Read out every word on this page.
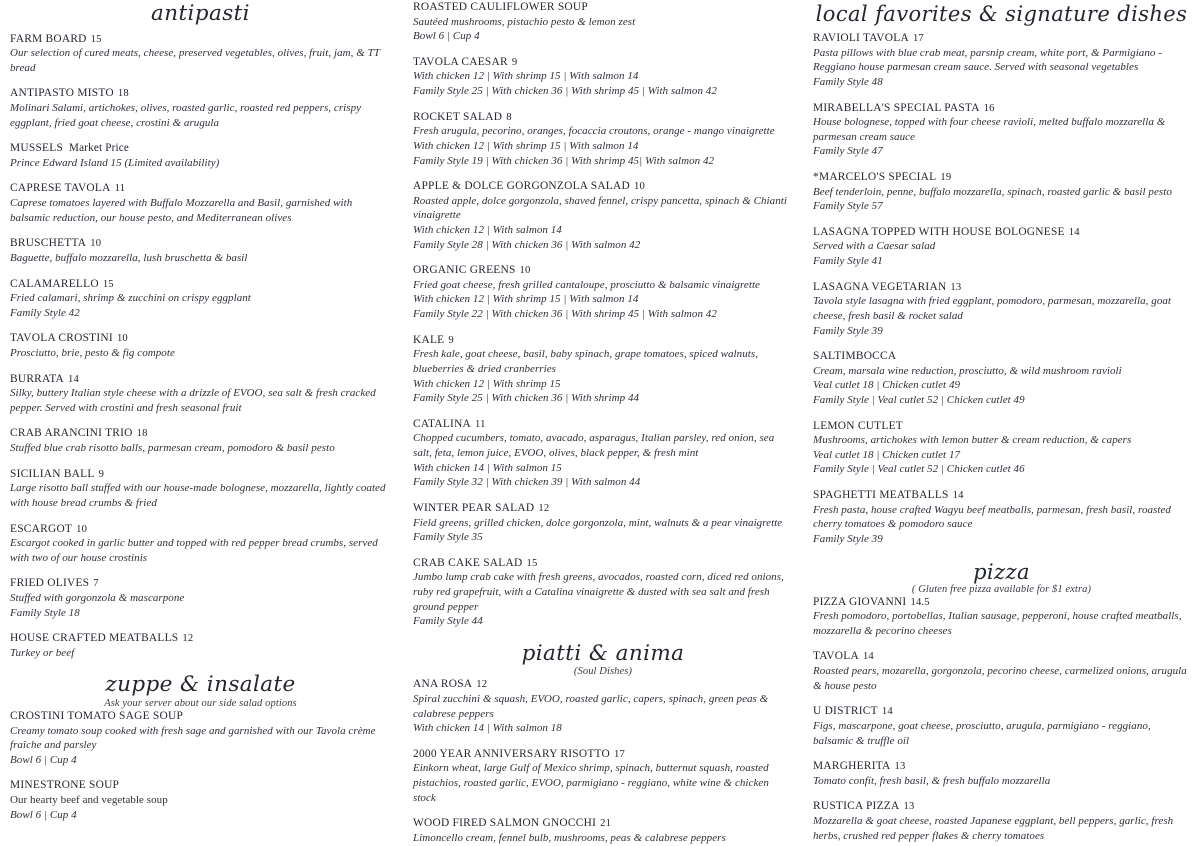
antipasti
FARM BOARD 15
Our selection of cured meats, cheese, preserved vegetables, olives, fruit, jam, & TT bread
ANTIPASTO MISTO 18
Molinari Salami, artichokes, olives, roasted garlic, roasted red peppers, crispy eggplant, fried goat cheese, crostini & arugula
MUSSELS Market Price
Prince Edward Island 15 (Limited availability)
CAPRESE TAVOLA 11
Caprese tomatoes layered with Buffalo Mozzarella and Basil, garnished with balsamic reduction, our house pesto, and Mediterranean olives
BRUSCHETTA 10
Baguette, buffalo mozzarella, lush bruschetta & basil
CALAMARELLO 15
Fried calamari, shrimp & zucchini on crispy eggplant
Family Style 42
TAVOLA CROSTINI 10
Prosciutto, brie, pesto & fig compote
BURRATA 14
Silky, buttery Italian style cheese with a drizzle of EVOO, sea salt & fresh cracked pepper. Served with crostini and fresh seasonal fruit
CRAB ARANCINI TRIO 18
Stuffed blue crab risotto balls, parmesan cream, pomodoro & basil pesto
SICILIAN BALL 9
Large risotto ball stuffed with our house-made bolognese, mozzarella, lightly coated with house bread crumbs & fried
ESCARGOT 10
Escargot cooked in garlic butter and topped with red pepper bread crumbs, served with two of our house crostinis
FRIED OLIVES 7
Stuffed with gorgonzola & mascarpone
Family Style 18
HOUSE CRAFTED MEATBALLS 12
Turkey or beef
zuppe & insalate
Ask your server about our side salad options
CROSTINI TOMATO SAGE SOUP
Creamy tomato soup cooked with fresh sage and garnished with our Tavola crème fraîche and parsley
Bowl 6 | Cup 4
MINESTRONE SOUP
Our hearty beef and vegetable soup
Bowl 6 | Cup 4
ROASTED CAULIFLOWER SOUP
Sautéed mushrooms, pistachio pesto & lemon zest
Bowl 6 | Cup 4
TAVOLA CAESAR 9
With chicken 12 | With shrimp 15 | With salmon 14
Family Style 25 | With chicken 36 | With shrimp 45 | With salmon 42
ROCKET SALAD 8
Fresh arugula, pecorino, oranges, focaccia croutons, orange - mango vinaigrette
With chicken 12 | With shrimp 15 | With salmon 14
Family Style 19 | With chicken 36 | With shrimp 45| With salmon 42
APPLE & DOLCE GORGONZOLA SALAD 10
Roasted apple, dolce gorgonzola, shaved fennel, crispy pancetta, spinach & Chianti vinaigrette
With chicken 12 | With salmon 14
Family Style 28 | With chicken 36 | With salmon 42
ORGANIC GREENS 10
Fried goat cheese, fresh grilled cantaloupe, prosciutto & balsamic vinaigrette
With chicken 12 | With shrimp 15 | With salmon 14
Family Style 22 | With chicken 36 | With shrimp 45 | With salmon 42
KALE 9
Fresh kale, goat cheese, basil, baby spinach, grape tomatoes, spiced walnuts, blueberries & dried cranberries
With chicken 12 | With shrimp 15
Family Style 25 | With chicken 36 | With shrimp 44
CATALINA 11
Chopped cucumbers, tomato, avacado, asparagus, Italian parsley, red onion, sea salt, feta, lemon juice, EVOO, olives, black pepper, & fresh mint
With chicken 14 | With salmon 15
Family Style 32 | With chicken 39 | With salmon 44
WINTER PEAR SALAD 12
Field greens, grilled chicken, dolce gorgonzola, mint, walnuts & a pear vinaigrette
Family Style 35
CRAB CAKE SALAD 15
Jumbo lump crab cake with fresh greens, avocados, roasted corn, diced red onions, ruby red grapefruit, with a Catalina vinaigrette & dusted with sea salt and fresh ground pepper
Family Style 44
piatti & anima
(Soul Dishes)
ANA ROSA 12
Spiral zucchini & squash, EVOO, roasted garlic, capers, spinach, green peas & calabrese peppers
With chicken 14 | With salmon 18
2000 YEAR ANNIVERSARY RISOTTO 17
Einkorn wheat, large Gulf of Mexico shrimp, spinach, butternut squash, roasted pistachios, roasted garlic, EVOO, parmigiano - reggiano, white wine & chicken stock
WOOD FIRED SALMON GNOCCHI 21
Limoncello cream, fennel bulb, mushrooms, peas & calabrese peppers
local favorites & signature dishes
RAVIOLI TAVOLA 17
Pasta pillows with blue crab meat, parsnip cream, white port, & Parmigiano -Reggiano house parmesan cream sauce. Served with seasonal vegetables
Family Style 48
MIRABELLA'S SPECIAL PASTA 16
House bolognese, topped with four cheese ravioli, melted buffalo mozzarella & parmesan cream sauce
Family Style 47
*MARCELO'S SPECIAL 19
Beef tenderloin, penne, buffalo mozzarella, spinach, roasted garlic & basil pesto
Family Style 57
LASAGNA TOPPED WITH HOUSE BOLOGNESE 14
Served with a Caesar salad
Family Style 41
LASAGNA VEGETARIAN 13
Tavola style lasagna with fried eggplant, pomodoro, parmesan, mozzarella, goat cheese, fresh basil & rocket salad
Family Style 39
SALTIMBOCCA
Cream, marsala wine reduction, prosciutto, & wild mushroom ravioli
Veal cutlet 18 | Chicken cutlet 49
Family Style | Veal cutlet 52 | Chicken cutlet 49
LEMON CUTLET
Mushrooms, artichokes with lemon butter & cream reduction, & capers
Veal cutlet 18 | Chicken cutlet 17
Family Style | Veal cutlet 52 | Chicken cutlet 46
SPAGHETTI MEATBALLS 14
Fresh pasta, house crafted Wagyu beef meatballs, parmesan, fresh basil, roasted cherry tomatoes & pomodoro sauce
Family Style 39
pizza
( Gluten free pizza available for $1 extra)
PIZZA GIOVANNI 14.5
Fresh pomodoro, portobellas, Italian sausage, pepperoni, house crafted meatballs, mozzarella & pecorino cheeses
TAVOLA 14
Roasted pears, mozarella, gorgonzola, pecorino cheese, carmelized onions, arugula & house pesto
U DISTRICT 14
Figs, mascarpone, goat cheese, prosciutto, arugula, parmigiano - reggiano, balsamic & truffle oil
MARGHERITA 13
Tomato confit, fresh basil, & fresh buffalo mozzarella
RUSTICA PIZZA 13
Mozzarella & goat cheese, roasted Japanese eggplant, bell peppers, garlic, fresh herbs, crushed red pepper flakes & cherry tomatoes
